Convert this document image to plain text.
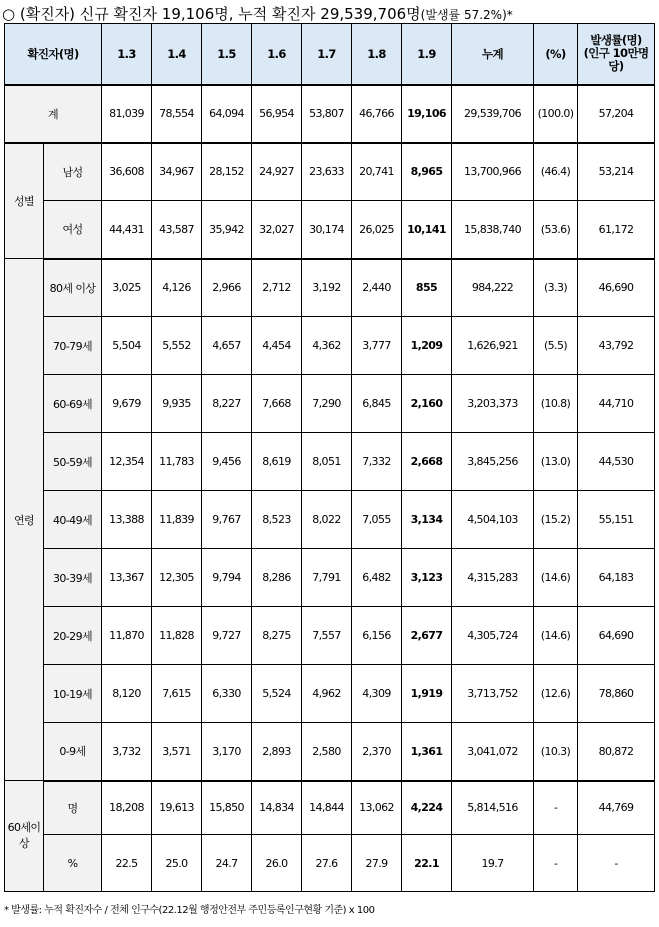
○ (확진자) 신규 확진자 19,106명, 누적 확진자 29,539,706명(발생률 57.2%)*
확진자(명)		1.3	1.4	1.5	1.6	1.7	1.8	1.9	누계	(%)	발생률(명)
(인구 10만명
당)
계		81,039	78,554	64,094	56,954	53,807	46,766	19,106	29,539,706	(100.0)	57,204
성별	남성	36,608	34,967	28,152	24,927	23,633	20,741	8,965	13,700,966	(46.4)	53,214
	여성	44,431	43,587	35,942	32,027	30,174	26,025	10,141	15,838,740	(53.6)	61,172
연령	80세 이상	3,025	4,126	2,966	2,712	3,192	2,440	855	984,222	(3.3)	46,690
	70-79세	5,504	5,552	4,657	4,454	4,362	3,777	1,209	1,626,921	(5.5)	43,792
	60-69세	9,679	9,935	8,227	7,668	7,290	6,845	2,160	3,203,373	(10.8)	44,710
	50-59세	12,354	11,783	9,456	8,619	8,051	7,332	2,668	3,845,256	(13.0)	44,530
	40-49세	13,388	11,839	9,767	8,523	8,022	7,055	3,134	4,504,103	(15.2)	55,151
	30-39세	13,367	12,305	9,794	8,286	7,791	6,482	3,123	4,315,283	(14.6)	64,183
	20-29세	11,870	11,828	9,727	8,275	7,557	6,156	2,677	4,305,724	(14.6)	64,690
	10-19세	8,120	7,615	6,330	5,524	4,962	4,309	1,919	3,713,752	(12.6)	78,860
	0-9세	3,732	3,571	3,170	2,893	2,580	2,370	1,361	3,041,072	(10.3)	80,872
60세이상	명	18,208	19,613	15,850	14,834	14,844	13,062	4,224	5,814,516	-	44,769
	%	22.5	25.0	24.7	26.0	27.6	27.9	22.1	19.7	-	-
* 발생률: 누적 확진자수 / 전체 인구수(22.12월 행정안전부 주민등록인구현황 기준) x 100
